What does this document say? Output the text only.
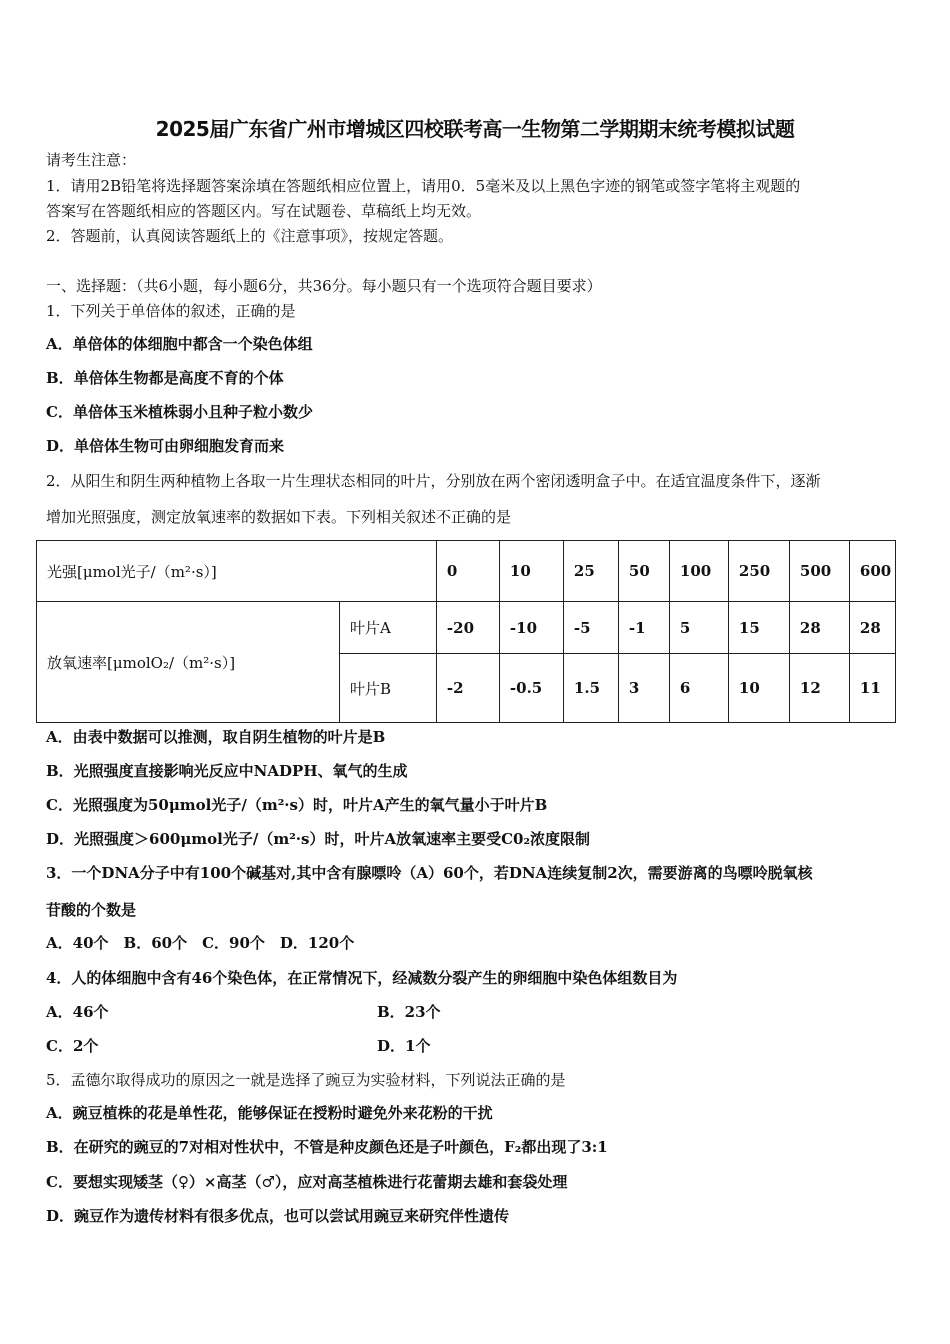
2025届广东省广州市增城区四校联考高一生物第二学期期末统考模拟试题
请考生注意：
1．请用2B铅笔将选择题答案涂填在答题纸相应位置上，请用0．5毫米及以上黑色字迹的钢笔或签字笔将主观题的
答案写在答题纸相应的答题区内。写在试题卷、草稿纸上均无效。
2．答题前，认真阅读答题纸上的《注意事项》，按规定答题。
一、选择题：（共6小题，每小题6分，共36分。每小题只有一个选项符合题目要求）
1．下列关于单倍体的叙述，正确的是
A．单倍体的体细胞中都含一个染色体组
B．单倍体生物都是高度不育的个体
C．单倍体玉米植株弱小且种子粒小数少
D．单倍体生物可由卵细胞发育而来
2．从阳生和阴生两种植物上各取一片生理状态相同的叶片，分别放在两个密闭透明盒子中。在适宜温度条件下，逐渐
增加光照强度，测定放氧速率的数据如下表。下列相关叙述不正确的是
光强[μmol光子/（m²·s）]		0	10	25	50	100	250	500	600
放氧速率[μmolO₂/（m²·s）]	叶片A	-20	-10	-5	-1	5	15	28	28
	叶片B	-2	-0.5	1.5	3	6	10	12	11
A．由表中数据可以推测，取自阴生植物的叶片是B
B．光照强度直接影响光反应中NADPH、氧气的生成
C．光照强度为50μmol光子/（m²·s）时，叶片A产生的氧气量小于叶片B
D．光照强度＞600μmol光子/（m²·s）时，叶片A放氧速率主要受C0₂浓度限制
3．一个DNA分子中有100个碱基对,其中含有腺嘌呤（A）60个，若DNA连续复制2次，需要游离的鸟嘌呤脱氧核
苷酸的个数是
A．40个　B．60个　C．90个　D．120个
4．人的体细胞中含有46个染色体，在正常情况下，经减数分裂产生的卵细胞中染色体组数目为
A．46个	B．23个
C．2个	D．1个
5．孟德尔取得成功的原因之一就是选择了豌豆为实验材料，下列说法正确的是
A．豌豆植株的花是单性花，能够保证在授粉时避免外来花粉的干扰
B．在研究的豌豆的7对相对性状中，不管是种皮颜色还是子叶颜色，F₂都出现了3:1
C．要想实现矮茎（♀）×高茎（♂），应对高茎植株进行花蕾期去雄和套袋处理
D．豌豆作为遗传材料有很多优点，也可以尝试用豌豆来研究伴性遗传
